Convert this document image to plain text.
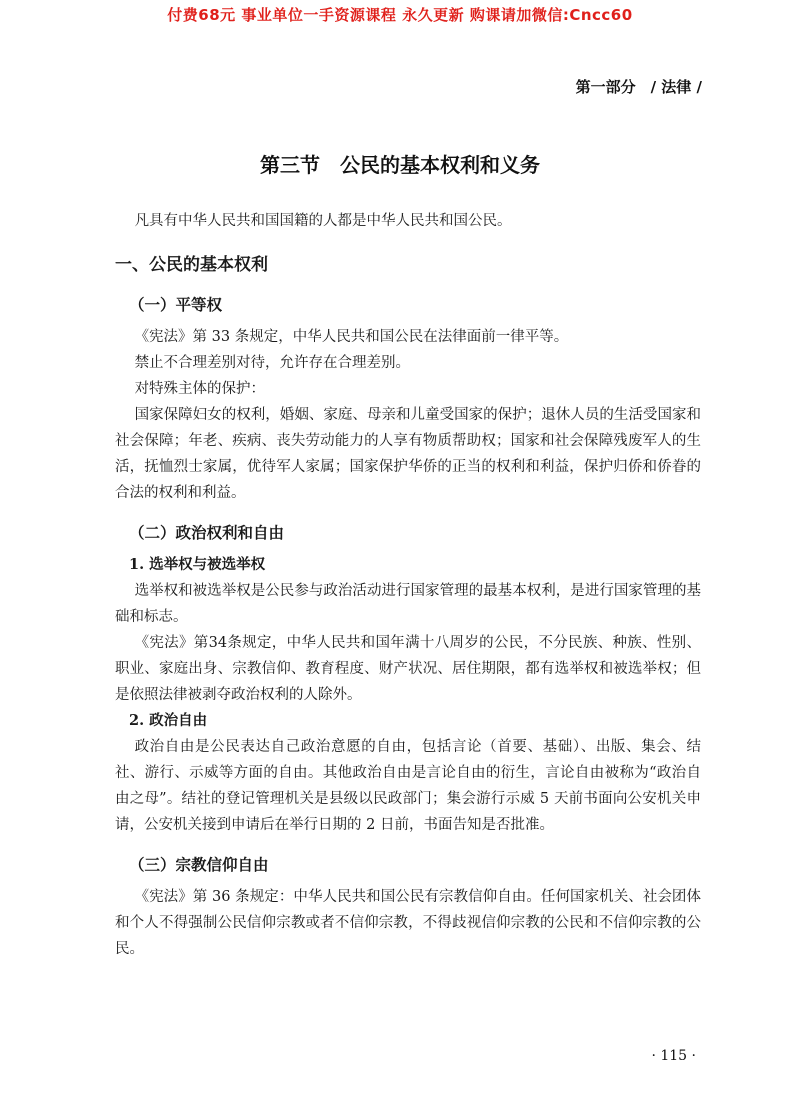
付费68元 事业单位一手资源课程 永久更新 购课请加微信:Cncc60
第一部分　/ 法律 /
第三节　公民的基本权利和义务

凡具有中华人民共和国国籍的人都是中华人民共和国公民。

一、公民的基本权利
（一）平等权

《宪法》第 33 条规定，中华人民共和国公民在法律面前一律平等。

禁止不合理差别对待，允许存在合理差别。

对特殊主体的保护：

国家保障妇女的权利，婚姻、家庭、母亲和儿童受国家的保护；退休人员的生活受国家和社会保障；年老、疾病、丧失劳动能力的人享有物质帮助权；国家和社会保障残废军人的生活，抚恤烈士家属，优待军人家属；国家保护华侨的正当的权利和利益，保护归侨和侨眷的合法的权利和利益。

（二）政治权利和自由
1. 选举权与被选举权

选举权和被选举权是公民参与政治活动进行国家管理的最基本权利，是进行国家管理的基础和标志。

《宪法》第34条规定，中华人民共和国年满十八周岁的公民，不分民族、种族、性别、职业、家庭出身、宗教信仰、教育程度、财产状况、居住期限，都有选举权和被选举权；但是依照法律被剥夺政治权利的人除外。

2. 政治自由

政治自由是公民表达自己政治意愿的自由，包括言论（首要、基础）、出版、集会、结社、游行、示威等方面的自由。其他政治自由是言论自由的衍生，言论自由被称为“政治自由之母”。结社的登记管理机关是县级以民政部门；集会游行示威 5 天前书面向公安机关申请，公安机关接到申请后在举行日期的 2 日前，书面告知是否批准。

（三）宗教信仰自由

《宪法》第 36 条规定：中华人民共和国公民有宗教信仰自由。任何国家机关、社会团体和个人不得强制公民信仰宗教或者不信仰宗教，不得歧视信仰宗教的公民和不信仰宗教的公民。

· 115 ·
